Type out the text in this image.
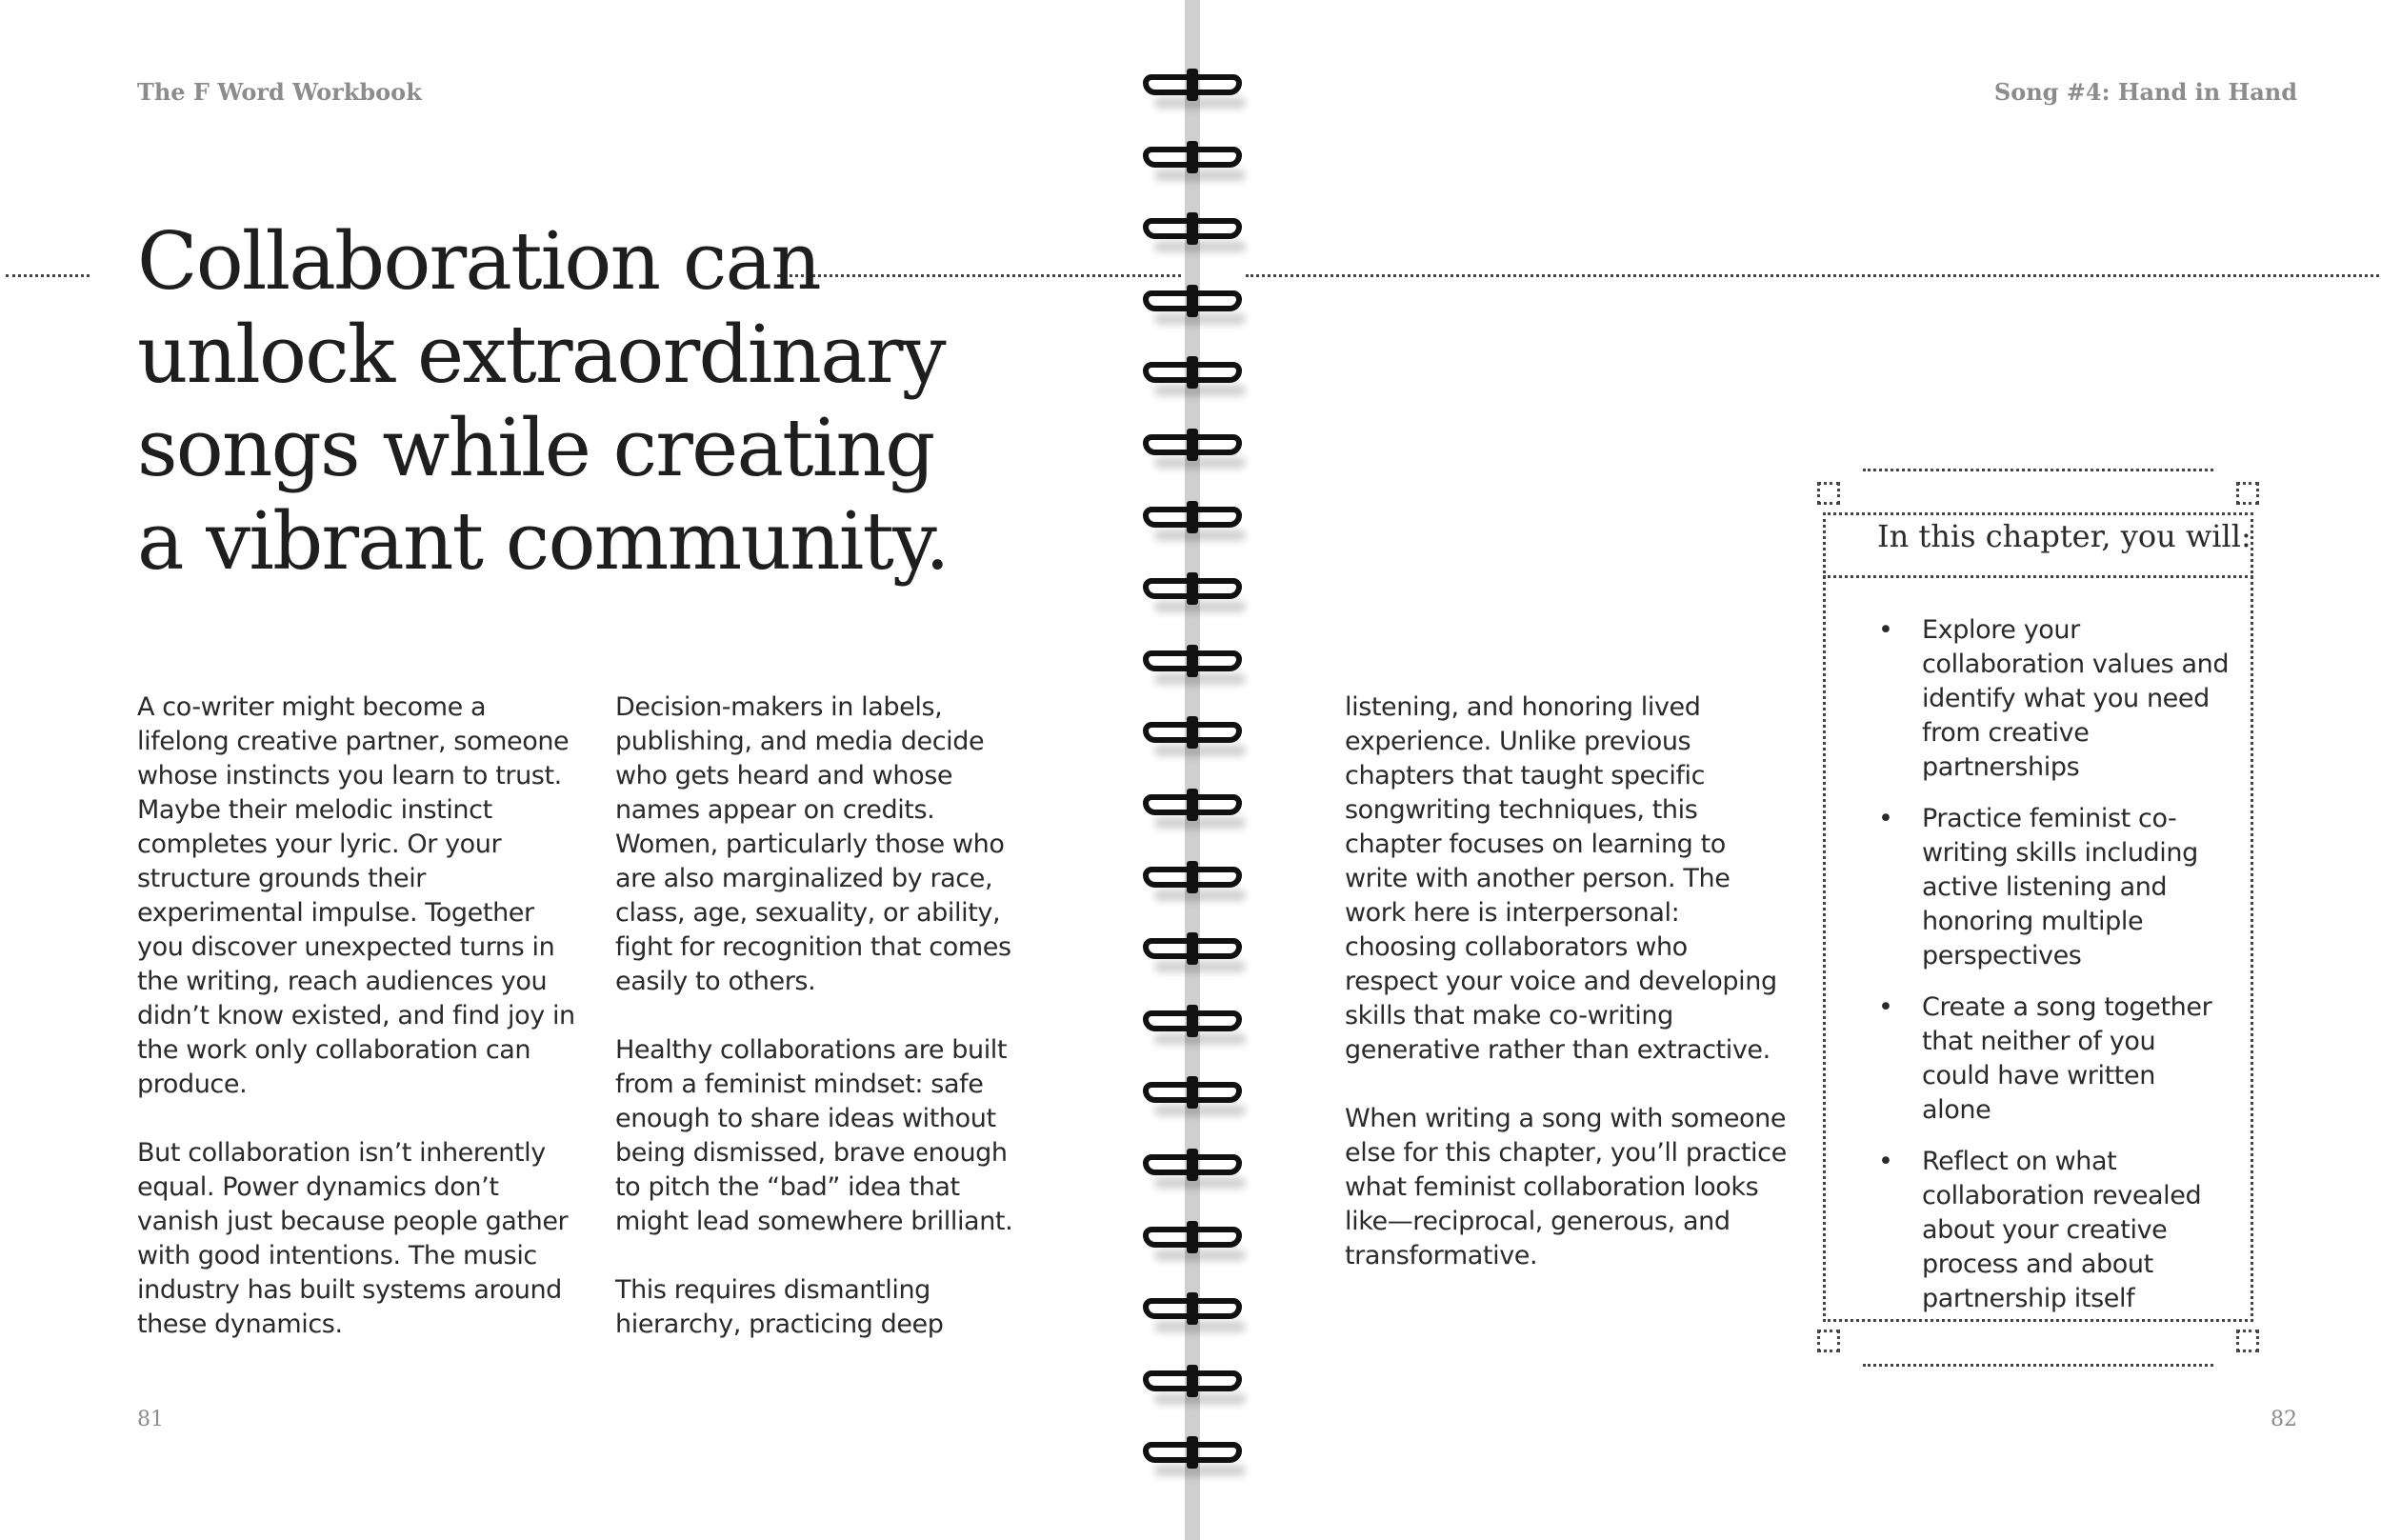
The F Word Workbook

Collaboration can unlock extraordinary songs while creating a vibrant community.

A co-writer might become a lifelong creative partner, someone whose instincts you learn to trust. Maybe their melodic instinct completes your lyric. Or your structure grounds their experimental impulse. Together you discover unexpected turns in the writing, reach audiences you didn’t know existed, and find joy in the work only collaboration can produce.

But collaboration isn’t inherently equal. Power dynamics don’t vanish just because people gather with good intentions. The music industry has built systems around these dynamics.

Decision-makers in labels, publishing, and media decide who gets heard and whose names appear on credits. Women, particularly those who are also marginalized by race, class, age, sexuality, or ability, fight for recognition that comes easily to others.

Healthy collaborations are built from a feminist mindset: safe enough to share ideas without being dismissed, brave enough to pitch the “bad” idea that might lead somewhere brilliant.

This requires dismantling hierarchy, practicing deep

81

Song #4: Hand in Hand

listening, and honoring lived experience. Unlike previous chapters that taught specific songwriting techniques, this chapter focuses on learning to write with another person. The work here is interpersonal: choosing collaborators who respect your voice and developing skills that make co-writing generative rather than extractive.

When writing a song with someone else for this chapter, you’ll practice what feminist collaboration looks like—reciprocal, generous, and transformative.

82

In this chapter, you will:
• Explore your collaboration values and identify what you need from creative partnerships
• Practice feminist co-writing skills including active listening and honoring multiple perspectives
• Create a song together that neither of you could have written alone
• Reflect on what collaboration revealed about your creative process and about partnership itself
